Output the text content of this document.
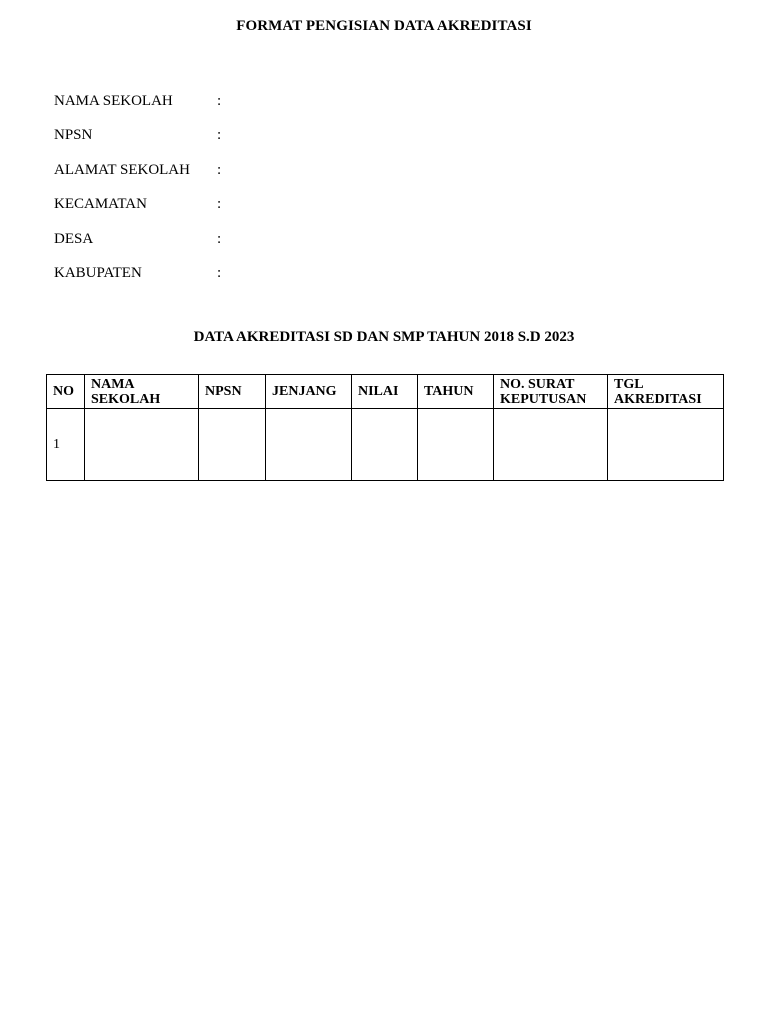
FORMAT PENGISIAN DATA AKREDITASI
NAMA SEKOLAH	:
NPSN	:
ALAMAT SEKOLAH :
KECAMATAN	:
DESA	:
KABUPATEN	:
DATA AKREDITASI SD DAN SMP TAHUN 2018 S.D 2023
NO	NAMA SEKOLAH	NPSN	JENJANG	NILAI	TAHUN	NO. SURAT KEPUTUSAN	TGL AKREDITASI
1							
